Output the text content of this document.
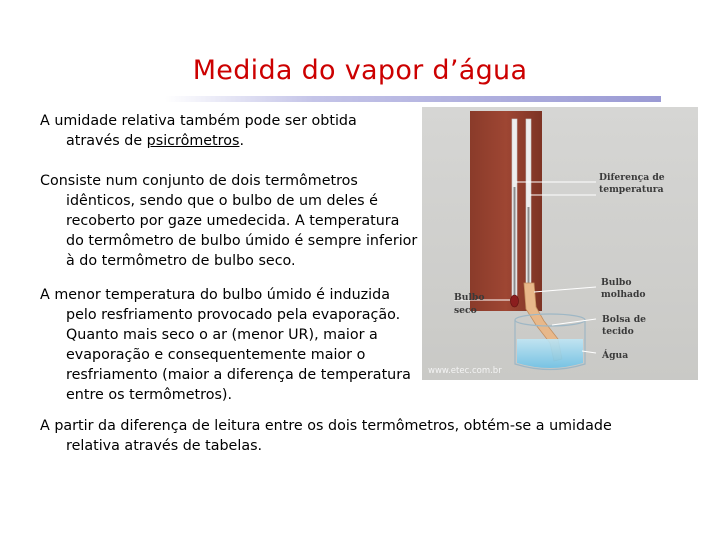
Medida do vapor d’água
A umidade relativa também pode ser obtida
através de psicrômetros.
Consiste num conjunto de dois termômetros
idênticos, sendo que o bulbo de um deles é recoberto por gaze umedecida. A temperatura do termômetro de bulbo úmido é sempre inferior à do termômetro de bulbo seco.
A menor temperatura do bulbo úmido é induzida
pelo resfriamento provocado pela evaporação. Quanto mais seco o ar (menor UR), maior a evaporação e consequentemente maior o resfriamento (maior a diferença de temperatura entre os termômetros).
A partir da diferença de leitura entre os dois termômetros, obtém-se a umidade
relativa através de tabelas.
Diferença de
temperatura
Bulbo
molhado
Bulbo
seco
Bolsa de
tecido
Água
www.etec.com.br
